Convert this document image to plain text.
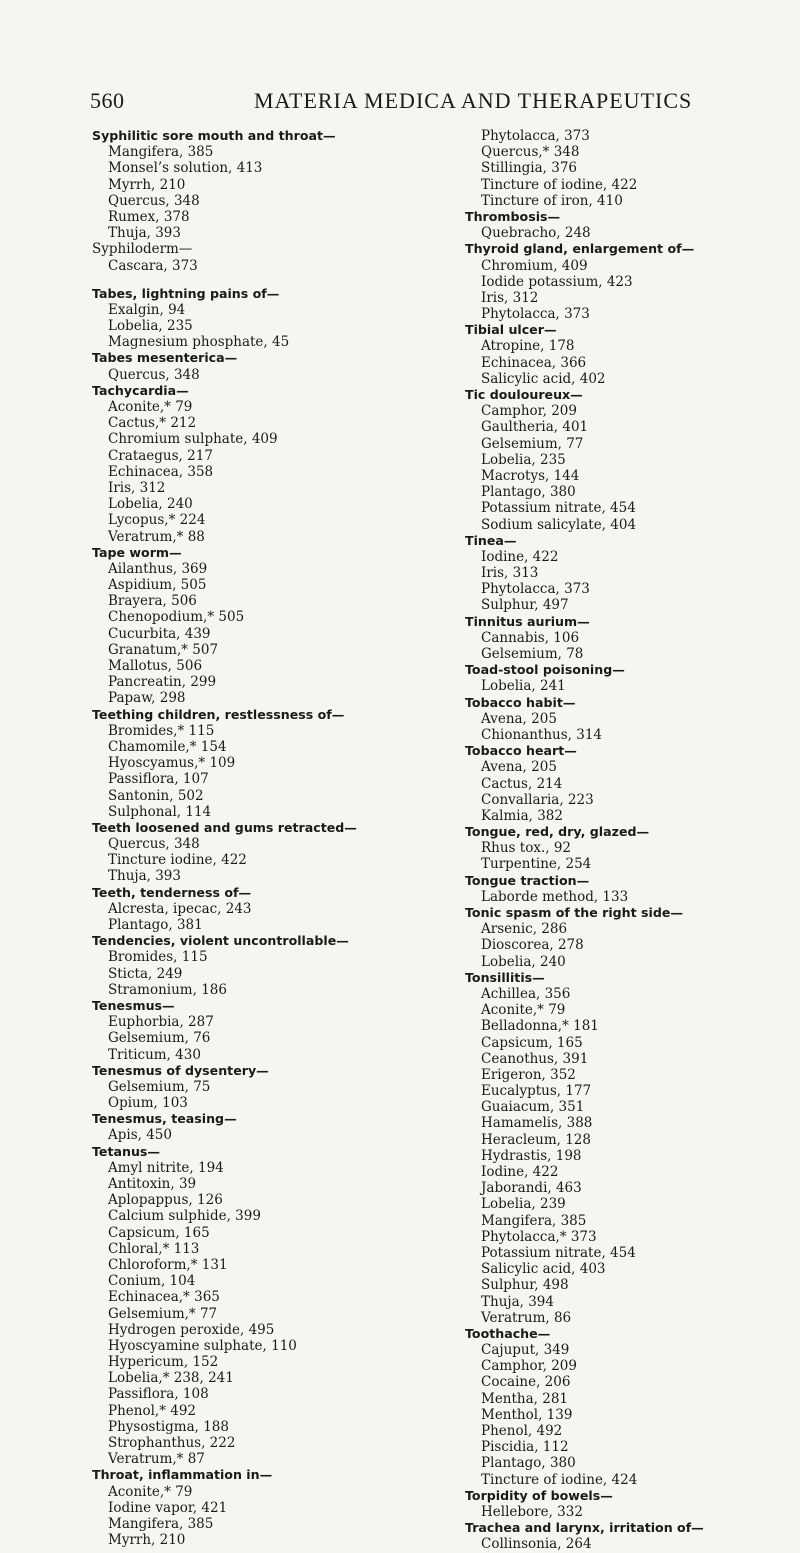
560	MATERIA MEDICA AND THERAPEUTICS
Syphilitic sore mouth and throat—
Mangifera, 385
Monsel’s solution, 413
Myrrh, 210
Quercus, 348
Rumex, 378
Thuja, 393
Syphiloderm—
Cascara, 373
Tabes, lightning pains of—
Exalgin, 94
Lobelia, 235
Magnesium phosphate, 45
Tabes mesenterica—
Quercus, 348
Tachycardia—
Aconite,* 79
Cactus,* 212
Chromium sulphate, 409
Crataegus, 217
Echinacea, 358
Iris, 312
Lobelia, 240
Lycopus,* 224
Veratrum,* 88
Tape worm—
Ailanthus, 369
Aspidium, 505
Brayera, 506
Chenopodium,* 505
Cucurbita, 439
Granatum,* 507
Mallotus, 506
Pancreatin, 299
Papaw, 298
Teething children, restlessness of—
Bromides,* 115
Chamomile,* 154
Hyoscyamus,* 109
Passiflora, 107
Santonin, 502
Sulphonal, 114
Teeth loosened and gums retracted—
Quercus, 348
Tincture iodine, 422
Thuja, 393
Teeth, tenderness of—
Alcresta, ipecac, 243
Plantago, 381
Tendencies, violent uncontrollable—
Bromides, 115
Sticta, 249
Stramonium, 186
Tenesmus—
Euphorbia, 287
Gelsemium, 76
Triticum, 430
Tenesmus of dysentery—
Gelsemium, 75
Opium, 103
Tenesmus, teasing—
Apis, 450
Tetanus—
Amyl nitrite, 194
Antitoxin, 39
Aplopappus, 126
Calcium sulphide, 399
Capsicum, 165
Chloral,* 113
Chloroform,* 131
Conium, 104
Echinacea,* 365
Gelsemium,* 77
Hydrogen peroxide, 495
Hyoscyamine sulphate, 110
Hypericum, 152
Lobelia,* 238, 241
Passiflora, 108
Phenol,* 492
Physostigma, 188
Strophanthus, 222
Veratrum,* 87
Throat, inflammation in—
Aconite,* 79
Iodine vapor, 421
Mangifera, 385
Myrrh, 210
Phytolacca, 373
Quercus,* 348
Stillingia, 376
Tincture of iodine, 422
Tincture of iron, 410
Thrombosis—
Quebracho, 248
Thyroid gland, enlargement of—
Chromium, 409
Iodide potassium, 423
Iris, 312
Phytolacca, 373
Tibial ulcer—
Atropine, 178
Echinacea, 366
Salicylic acid, 402
Tic douloureux—
Camphor, 209
Gaultheria, 401
Gelsemium, 77
Lobelia, 235
Macrotys, 144
Plantago, 380
Potassium nitrate, 454
Sodium salicylate, 404
Tinea—
Iodine, 422
Iris, 313
Phytolacca, 373
Sulphur, 497
Tinnitus aurium—
Cannabis, 106
Gelsemium, 78
Toad-stool poisoning—
Lobelia, 241
Tobacco habit—
Avena, 205
Chionanthus, 314
Tobacco heart—
Avena, 205
Cactus, 214
Convallaria, 223
Kalmia, 382
Tongue, red, dry, glazed—
Rhus tox., 92
Turpentine, 254
Tongue traction—
Laborde method, 133
Tonic spasm of the right side—
Arsenic, 286
Dioscorea, 278
Lobelia, 240
Tonsillitis—
Achillea, 356
Aconite,* 79
Belladonna,* 181
Capsicum, 165
Ceanothus, 391
Erigeron, 352
Eucalyptus, 177
Guaiacum, 351
Hamamelis, 388
Heracleum, 128
Hydrastis, 198
Iodine, 422
Jaborandi, 463
Lobelia, 239
Mangifera, 385
Phytolacca,* 373
Potassium nitrate, 454
Salicylic acid, 403
Sulphur, 498
Thuja, 394
Veratrum, 86
Toothache—
Cajuput, 349
Camphor, 209
Cocaine, 206
Mentha, 281
Menthol, 139
Phenol, 492
Piscidia, 112
Plantago, 380
Tincture of iodine, 424
Torpidity of bowels—
Hellebore, 332
Trachea and larynx, irritation of—
Collinsonia, 264
